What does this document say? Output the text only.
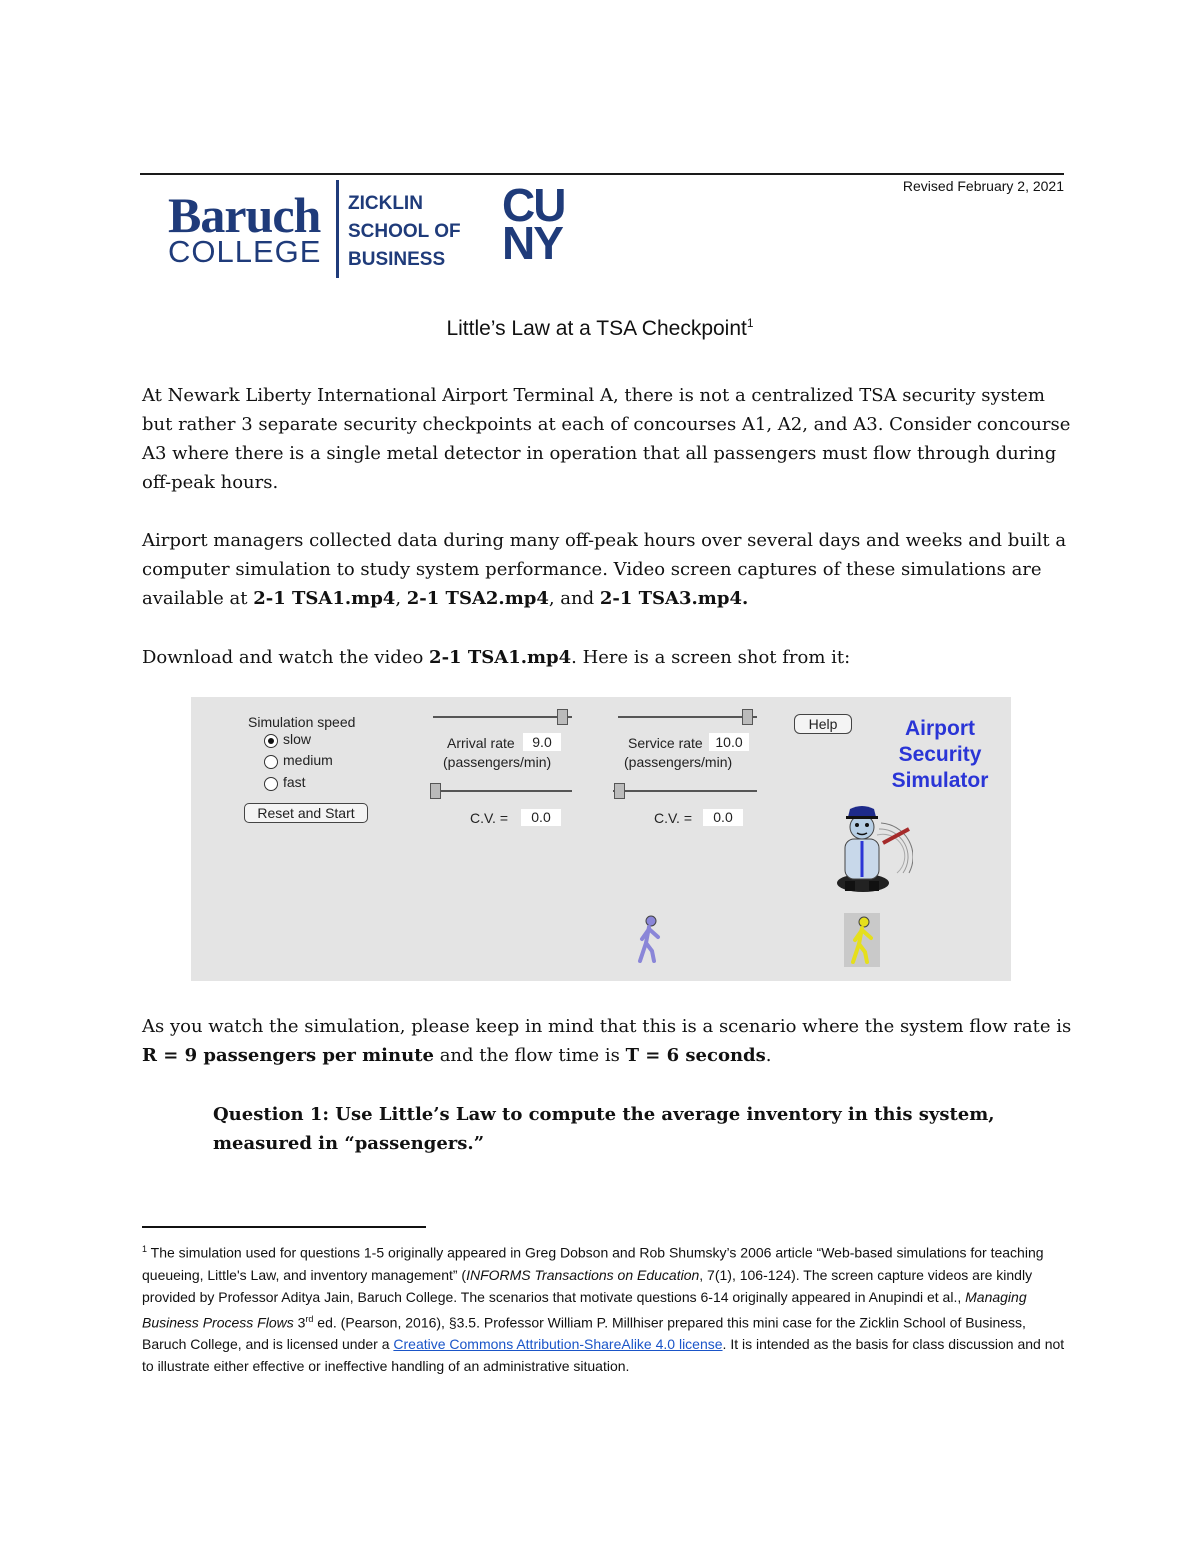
Revised February 2, 2021
Baruch
COLLEGE
ZICKLIN
SCHOOL OF
BUSINESS
CU
NY
Little’s Law at a TSA Checkpoint$^1$
At Newark Liberty International Airport Terminal A, there is not a centralized TSA security system but rather 3 separate security checkpoints at each of concourses A1, A2, and A3. Consider concourse A3 where there is a single metal detector in operation that all passengers must flow through during off-peak hours.
Airport managers collected data during many off-peak hours over several days and weeks and built a computer simulation to study system performance. Video screen captures of these simulations are available at 2-1 TSA1.mp4, 2-1 TSA2.mp4, and 2-1 TSA3.mp4.
Download and watch the video 2-1 TSA1.mp4. Here is a screen shot from it:
Simulation speed
slow
medium
fast
Reset and Start
Arrival rate	9.0
(passengers/min)
C.V. =	0.0
Service rate 10.0
(passengers/min)
C.V. =	0.0
Help	Airport
Security
Simulator
As you watch the simulation, please keep in mind that this is a scenario where the system flow rate is R = 9 passengers per minute and the flow time is T = 6 seconds.
Question 1: Use Little’s Law to compute the average inventory in this system, measured in “passengers.”
$^1$ The simulation used for questions 1-5 originally appeared in Greg Dobson and Rob Shumsky’s 2006 article “Web-based simulations for teaching queueing, Little's Law, and inventory management” (INFORMS Transactions on Education, 7(1), 106-124). The screen capture videos are kindly provided by Professor Aditya Jain, Baruch College. The scenarios that motivate questions 6-14 originally appeared in Anupindi et al., Managing Business Process Flows 3rd ed. (Pearson, 2016), §3.5. Professor William P. Millhiser prepared this mini case for the Zicklin School of Business, Baruch College, and is licensed under a Creative Commons Attribution-ShareAlike 4.0 license. It is intended as the basis for class discussion and not to illustrate either effective or ineffective handling of an administrative situation.
